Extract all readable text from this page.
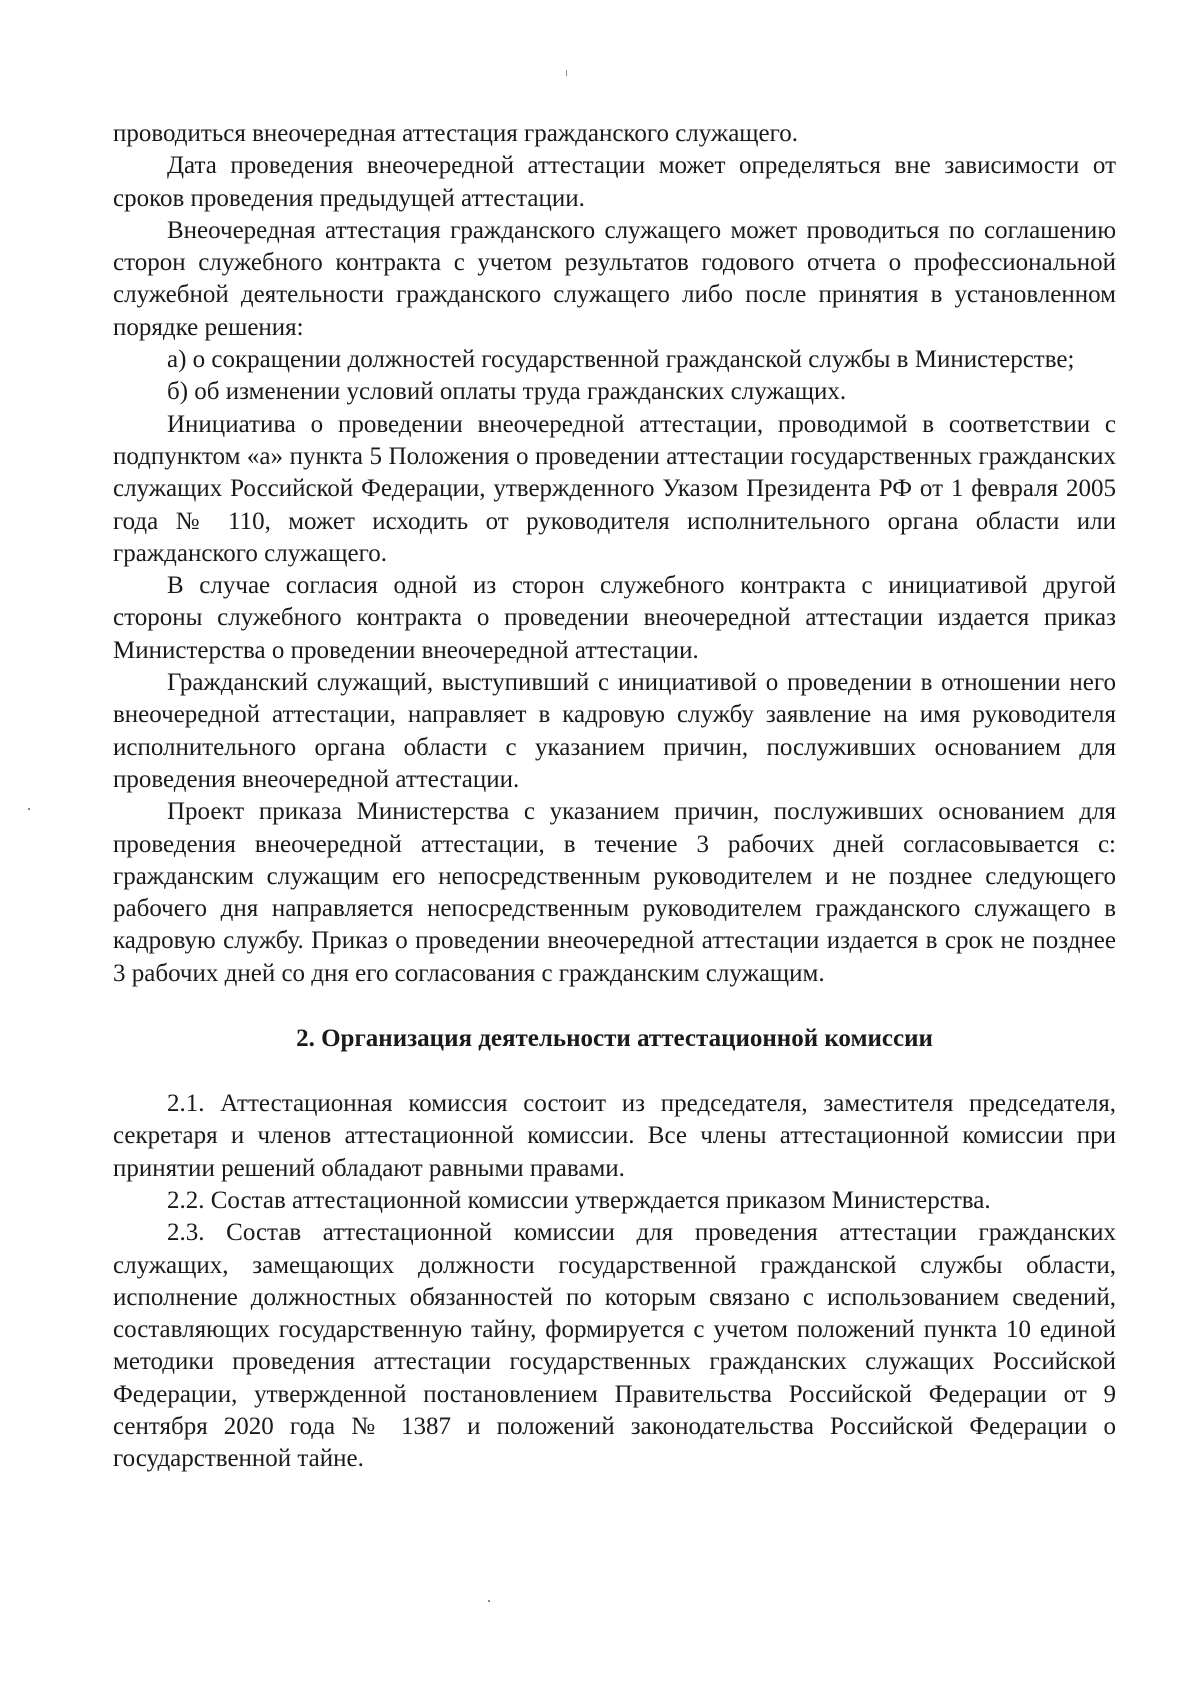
проводиться внеочередная аттестация гражданского служащего.

Дата проведения внеочередной аттестации может определяться вне зависимости от сроков проведения предыдущей аттестации.

Внеочередная аттестация гражданского служащего может проводиться по соглашению сторон служебного контракта с учетом результатов годового отчета о профессиональной служебной деятельности гражданского служащего либо после принятия в установленном порядке решения:

а) о сокращении должностей государственной гражданской службы в Министерстве;

б) об изменении условий оплаты труда гражданских служащих.

Инициатива о проведении внеочередной аттестации, проводимой в соответствии с подпунктом «а» пункта 5 Положения о проведении аттестации государственных гражданских служащих Российской Федерации, утвержденного Указом Президента РФ от 1 февраля 2005 года № 110, может исходить от руководителя исполнительного органа области или гражданского служащего.

В случае согласия одной из сторон служебного контракта с инициативой другой стороны служебного контракта о проведении внеочередной аттестации издается приказ Министерства о проведении внеочередной аттестации.

Гражданский служащий, выступивший с инициативой о проведении в отношении него внеочередной аттестации, направляет в кадровую службу заявление на имя руководителя исполнительного органа области с указанием причин, послуживших основанием для проведения внеочередной аттестации.

Проект приказа Министерства с указанием причин, послуживших основанием для проведения внеочередной аттестации, в течение 3 рабочих дней согласовывается с: гражданским служащим его непосредственным руководителем и не позднее следующего рабочего дня направляется непосредственным руководителем гражданского служащего в кадровую службу. Приказ о проведении внеочередной аттестации издается в срок не позднее 3 рабочих дней со дня его согласования с гражданским служащим.

2. Организация деятельности аттестационной комиссии

2.1. Аттестационная комиссия состоит из председателя, заместителя председателя, секретаря и членов аттестационной комиссии. Все члены аттестационной комиссии при принятии решений обладают равными правами.

2.2. Состав аттестационной комиссии утверждается приказом Министерства.

2.3. Состав аттестационной комиссии для проведения аттестации гражданских служащих, замещающих должности государственной гражданской службы области, исполнение должностных обязанностей по которым связано с использованием сведений, составляющих государственную тайну, формируется с учетом положений пункта 10 единой методики проведения аттестации государственных гражданских служащих Российской Федерации, утвержденной постановлением Правительства Российской Федерации от 9 сентября 2020 года № 1387 и положений законодательства Российской Федерации о государственной тайне.
